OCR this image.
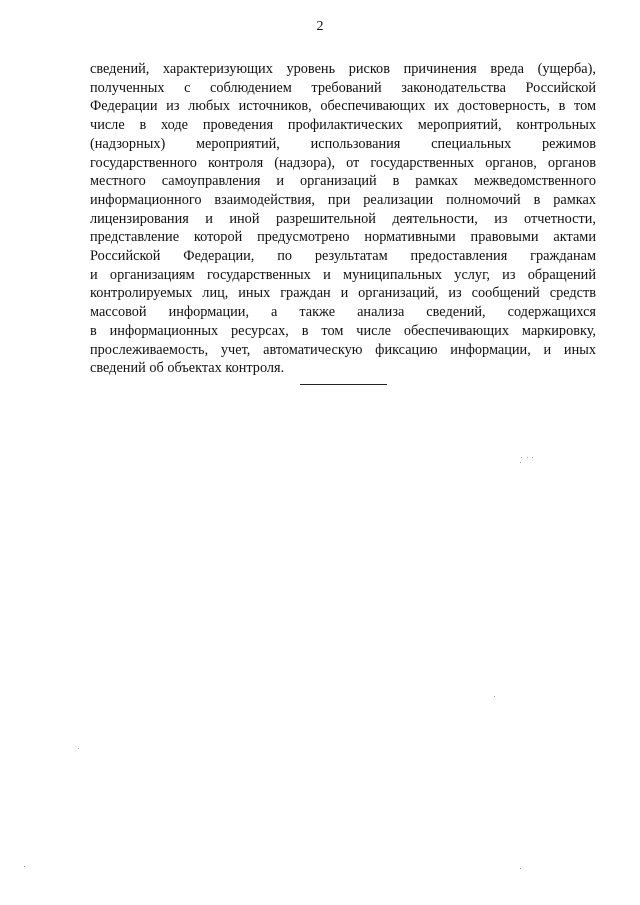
2
сведений, характеризующих уровень рисков причинения вреда (ущерба),
полученных с соблюдением требований законодательства Российской
Федерации из любых источников, обеспечивающих их достоверность, в том
числе в ходе проведения профилактических мероприятий, контрольных
(надзорных) мероприятий, использования специальных режимов
государственного контроля (надзора), от государственных органов, органов
местного самоуправления и организаций в рамках межведомственного
информационного взаимодействия, при реализации полномочий в рамках
лицензирования и иной разрешительной деятельности, из отчетности,
представление которой предусмотрено нормативными правовыми актами
Российской Федерации, по результатам предоставления гражданам
и организациям государственных и муниципальных услуг, из обращений
контролируемых лиц, иных граждан и организаций, из сообщений средств
массовой информации, а также анализа сведений, содержащихся
в информационных ресурсах, в том числе обеспечивающих маркировку,
прослеживаемость, учет, автоматическую фиксацию информации, и иных
сведений об объектах контроля.
